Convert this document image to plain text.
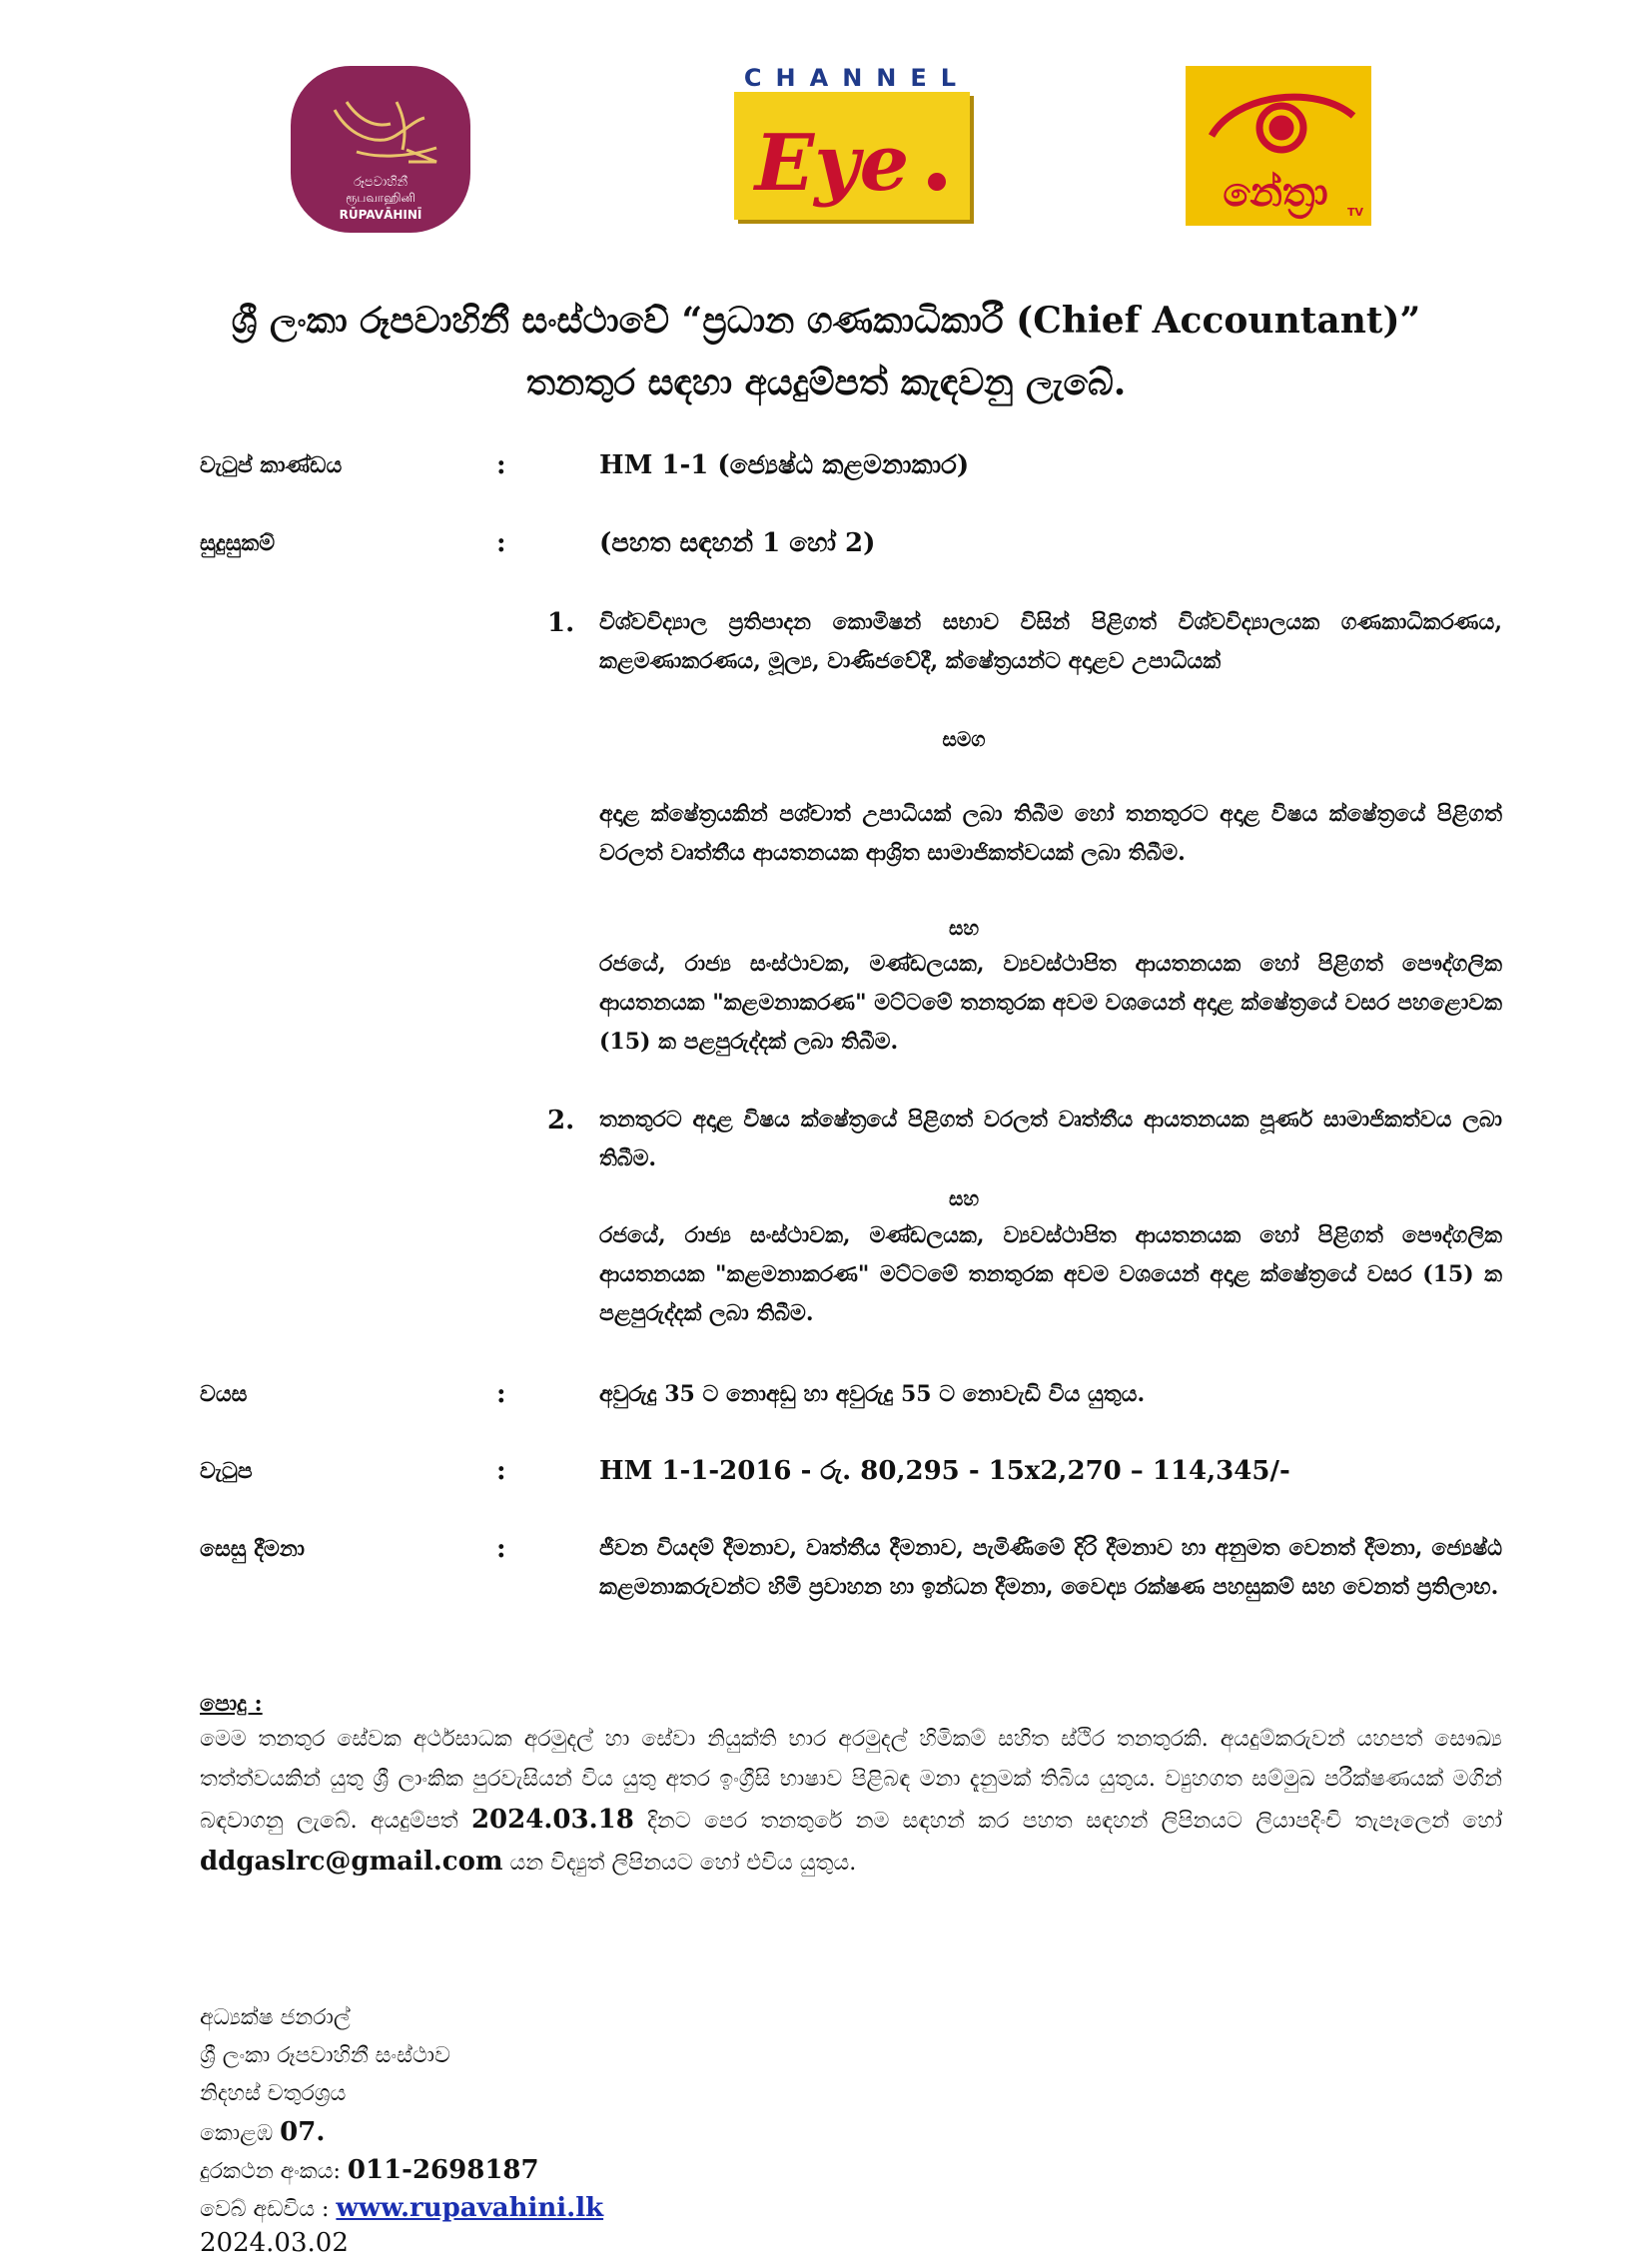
රූපවාහිනී
ரூபவாஹினி
RŪPAVĀHINĪ
CHANNEL
Eye	නේත්‍රා TV
ශ්‍රී ලංකා රූපවාහිනී සංස්ථාවේ “ප්‍රධාන ගණකාධිකාරී (Chief Accountant)”
තනතුර සඳහා අයදුම්පත් කැඳවනු ලැබේ.
වැටුප් කාණ්ඩය	:	HM 1-1 (ජ්‍යෙෂ්ඨ කළමනාකාර)
සුදුසුකම්	:	(පහත සඳහන් 1 හෝ 2)
1. විශ්වවිද්‍යාල ප්‍රතිපාදන කොමිෂන් සභාව විසින් පිළිගත් විශ්වවිද්‍යාලයක ගණකාධිකරණය, කළමණාකරණය, මූල්‍ය, වාණිජවේදී, ක්ෂේත්‍රයන්ට අදාළව උපාධියක්
සමග
අදාළ ක්ෂේත්‍රයකින් පශ්චාත් උපාධියක් ලබා තිබීම හෝ තනතුරට අදාළ විෂය ක්ෂේත්‍රයේ පිළිගත් වරලත් වෘත්තීය ආයතනයක ආශ්‍රිත සාමාජිකත්වයක් ලබා තිබීම.
සහ
රජයේ, රාජ්‍ය සංස්ථාවක, මණ්ඩලයක, ව්‍යවස්ථාපිත ආයතනයක හෝ පිළිගත් පෞද්ගලික ආයතනයක "කළමනාකරණ" මට්ටමේ තනතුරක අවම වශයෙන් අදාළ ක්ෂේත්‍රයේ වසර පහළොවක (15) ක පළපුරුද්දක් ලබා තිබීම.
2. තනතුරට අදාළ විෂය ක්ෂේත්‍රයේ පිළිගත් වරලත් වෘත්තීය ආයතනයක පූර්ණ සාමාජිකත්වය ලබා තිබීම.
සහ
රජයේ, රාජ්‍ය සංස්ථාවක, මණ්ඩලයක, ව්‍යවස්ථාපිත ආයතනයක හෝ පිළිගත් පෞද්ගලික ආයතනයක "කළමනාකරණ" මට්ටමේ තනතුරක අවම වශයෙන් අදාළ ක්ෂේත්‍රයේ වසර (15) ක පළපුරුද්දක් ලබා තිබීම.
වයස	:	අවුරුදු 35 ට නොඅඩු හා අවුරුදු 55 ට නොවැඩි විය යුතුය.
වැටුප	:	HM 1-1-2016 - රු. 80,295 - 15x2,270 – 114,345/-
සෙසු දීමනා	:	ජීවන වියදම් දීමනාව, වෘත්තීය දීමනාව, පැමිණීමේ දිරි දීමනාව හා අනුමත වෙනත් දීමනා, ජ්‍යෙෂ්ඨ කළමනාකරුවන්ට හිමි ප්‍රවාහන හා ඉන්ධන දීමනා, වෛද්‍ය රක්ෂණ පහසුකම් සහ වෙනත් ප්‍රතිලාභ.
පොදු :
මෙම තනතුර සේවක අර්ථසාධක අරමුදල් හා සේවා නියුක්ති භාර අරමුදල් හිමිකම් සහිත ස්ථිර තනතුරකි. අයදුම්කරුවන් යහපත් සෞඛ්‍ය තත්ත්වයකින් යුතු ශ්‍රී ලාංකික පුරවැසියන් විය යුතු අතර ඉංග්‍රීසි භාෂාව පිළිබඳ මනා දැනුමක් තිබිය යුතුය. ව්‍යුහගත සම්මුඛ පරීක්ෂණයක් මගින් බඳවාගනු ලැබේ. අයදුම්පත් 2024.03.18 දිනට පෙර තනතුරේ නම සඳහන් කර පහත සඳහන් ලිපිනයට ලියාපදිංචි තැපෑලෙන් හෝ ddgaslrc@gmail.com යන විද්‍යුත් ලිපිනයට හෝ එවිය යුතුය.
අධ්‍යක්ෂ ජනරාල්
ශ්‍රී ලංකා රූපවාහිනී සංස්ථාව
නිදහස් චතුරශ්‍රය
කොළඹ 07.
දුරකථන අංකය: 011-2698187
වෙබ් අඩවිය : www.rupavahini.lk
2024.03.02
